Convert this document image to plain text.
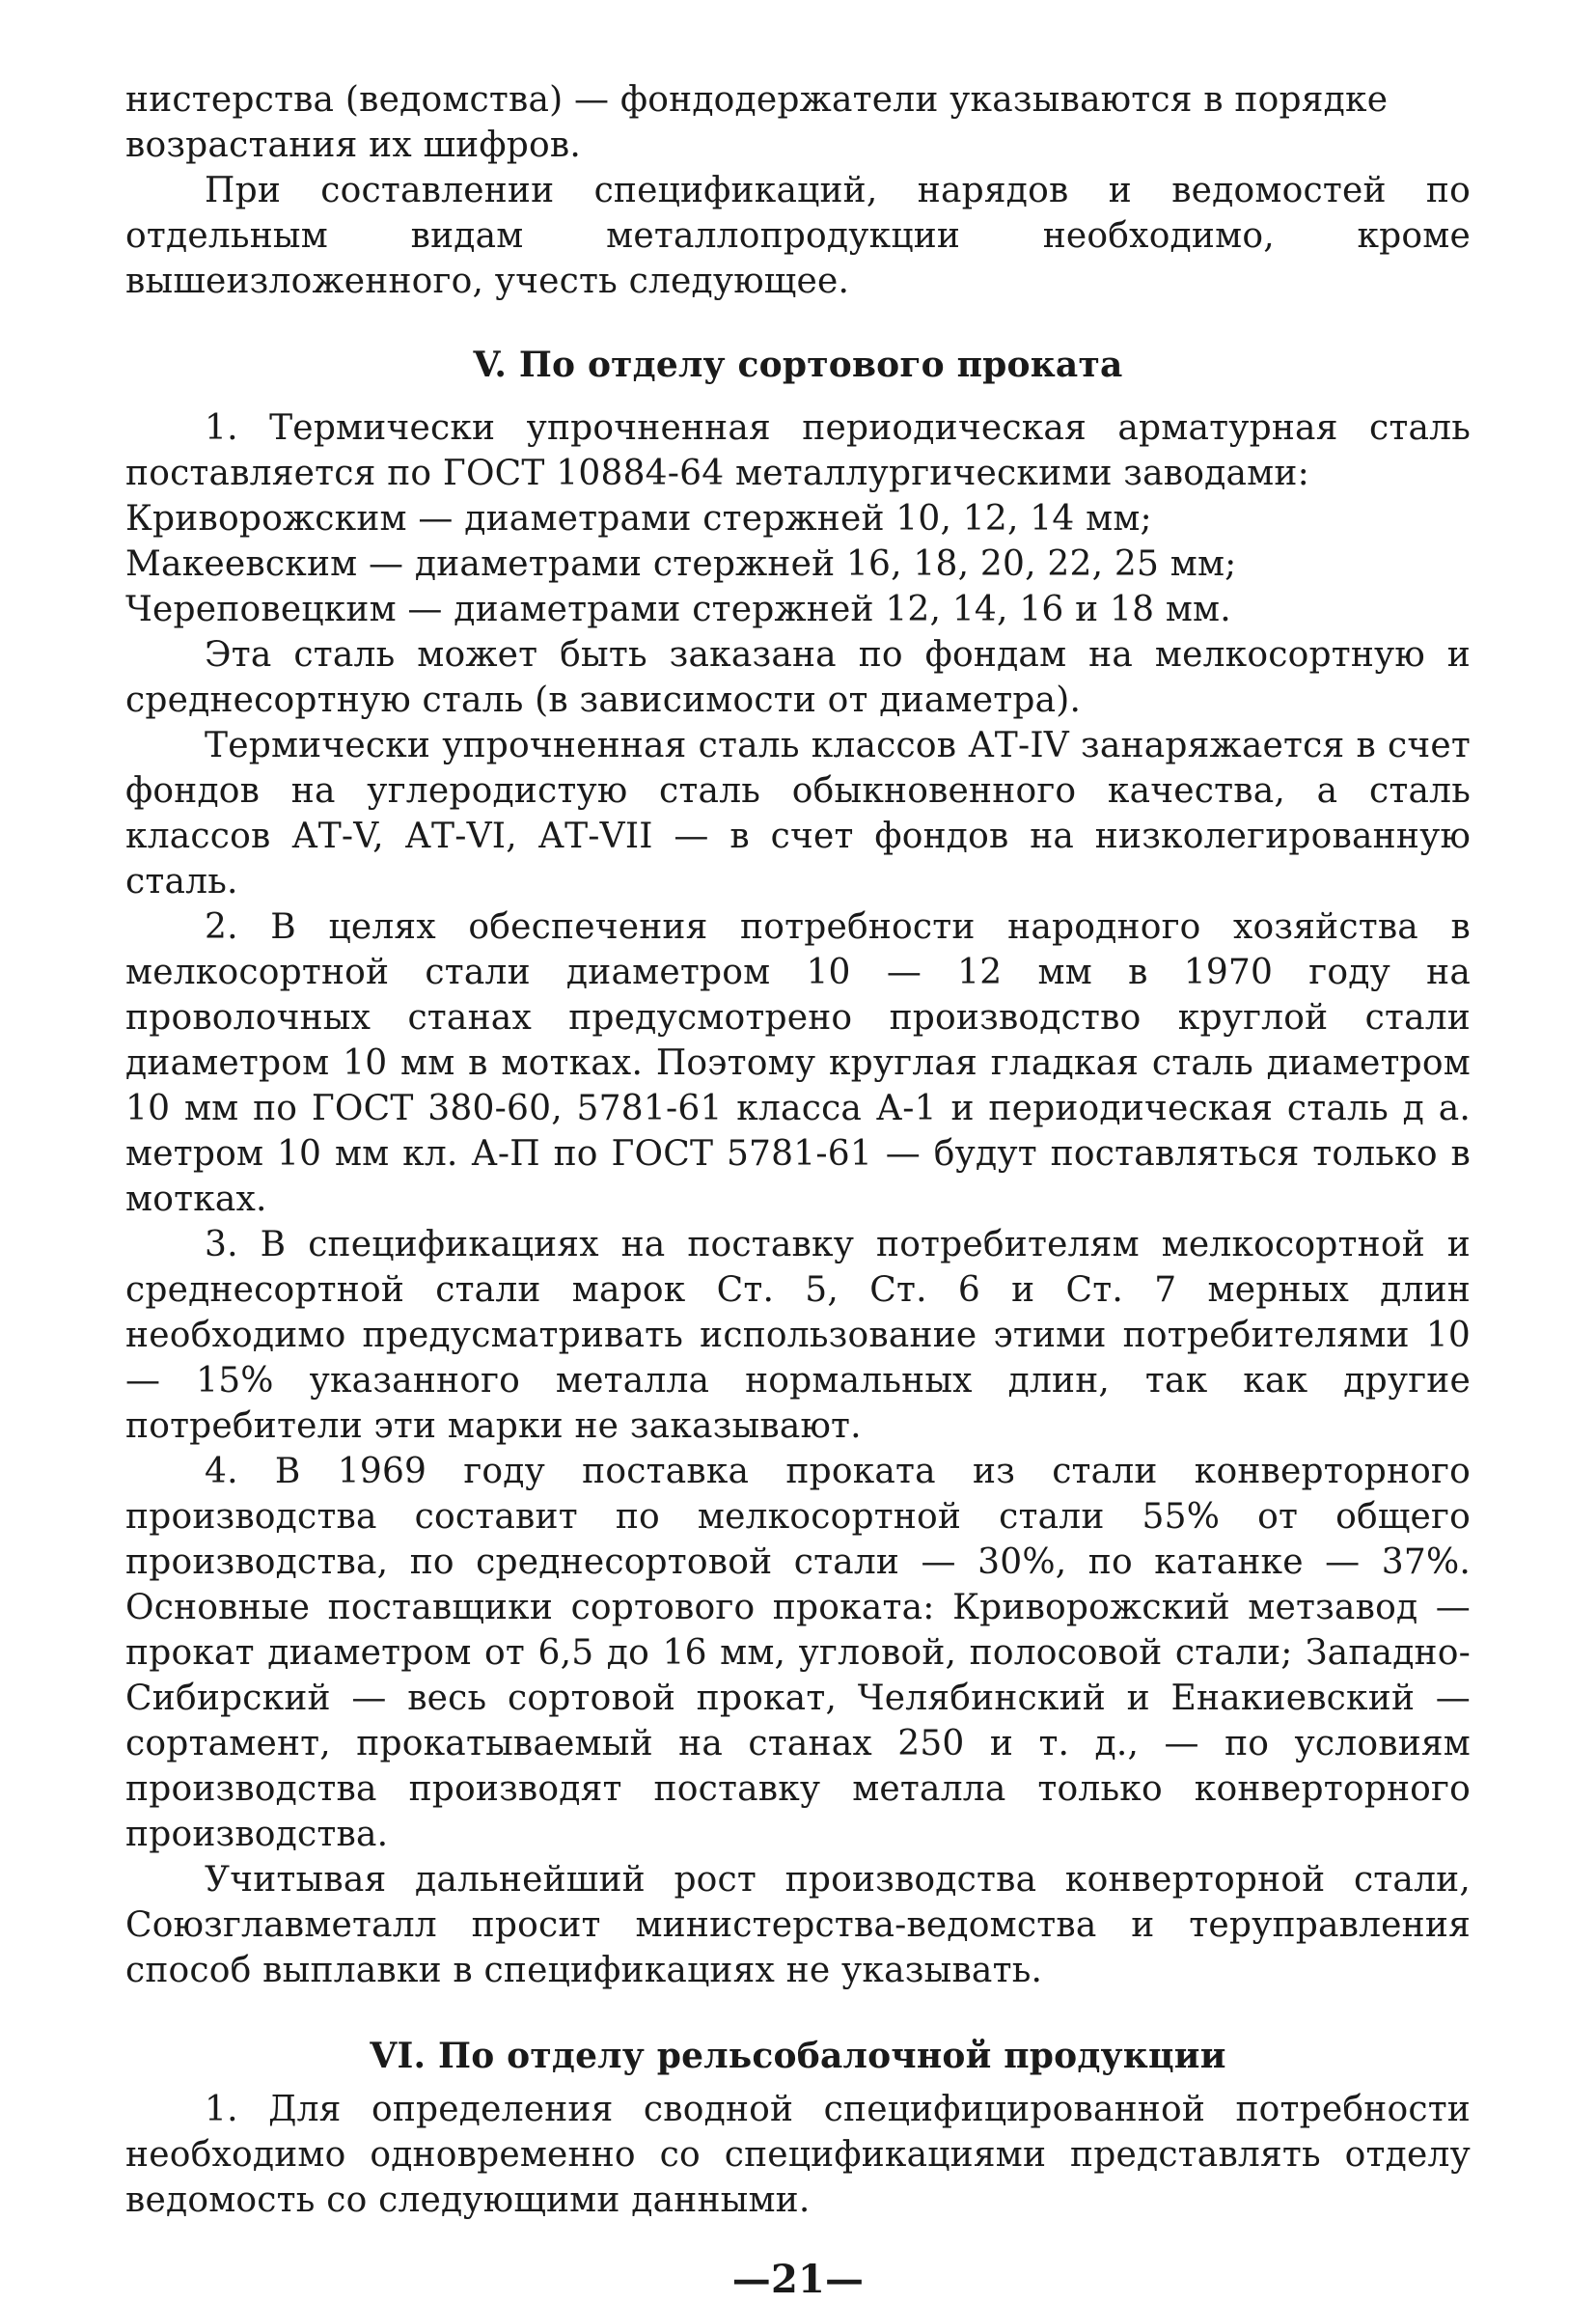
нистерства (ведомства) — фондодержатели указываются в порядке
возрастания их шифров.

При составлении спецификаций, нарядов и ведомостей по отдельным видам металлопродукции необходимо, кроме вышеизложенного, учесть следующее.

V. По отделу сортового проката

1. Термически упрочненная периодическая арматурная сталь поставляется по ГОСТ 10884-64 металлургическими заводами:

Криворожским — диаметрами стержней 10, 12, 14 мм;
Макеевским — диаметрами стержней 16, 18, 20, 22, 25 мм;
Череповецким — диаметрами стержней 12, 14, 16 и 18 мм.

Эта сталь может быть заказана по фондам на мелкосортную и среднесортную сталь (в зависимости от диаметра).

Термически упрочненная сталь классов АТ-IV занаряжается в счет фондов на углеродистую сталь обыкновенного качества, а сталь классов АТ-V, АТ-VI, АТ-VII — в счет фондов на низколегированную сталь.

2. В целях обеспечения потребности народного хозяйства в мелкосортной стали диаметром 10 — 12 мм в 1970 году на проволочных станах предусмотрено производство круглой стали диаметром 10 мм в мотках. Поэтому круглая гладкая сталь диаметром 10 мм по ГОСТ 380-60, 5781-61 класса А-1 и периодическая сталь д а. метром 10 мм кл. А-П по ГОСТ 5781-61 — будут поставляться только в мотках.

3. В спецификациях на поставку потребителям мелкосортной и среднесортной стали марок Ст. 5, Ст. 6 и Ст. 7 мерных длин необходимо предусматривать использование этими потребителями 10 — 15% указанного металла нормальных длин, так как другие потребители эти марки не заказывают.

4. В 1969 году поставка проката из стали конверторного производства составит по мелкосортной стали 55% от общего производства, по среднесортовой стали — 30%, по катанке — 37%. Основные поставщики сортового проката: Криворожский метзавод — прокат диаметром от 6,5 до 16 мм, угловой, полосовой стали; Западно-Сибирский — весь сортовой прокат, Челябинский и Енакиевский — сортамент, прокатываемый на станах 250 и т. д., — по условиям производства производят поставку металла только конверторного производства.

Учитывая дальнейший рост производства конверторной стали, Союзглавметалл просит министерства-ведомства и теруправления способ выплавки в спецификациях не указывать.

VI. По отделу рельсобалочной продукции

1. Для определения сводной специфицированной потребности необходимо одновременно со спецификациями представлять отделу ведомость со следующими данными.

—21—
